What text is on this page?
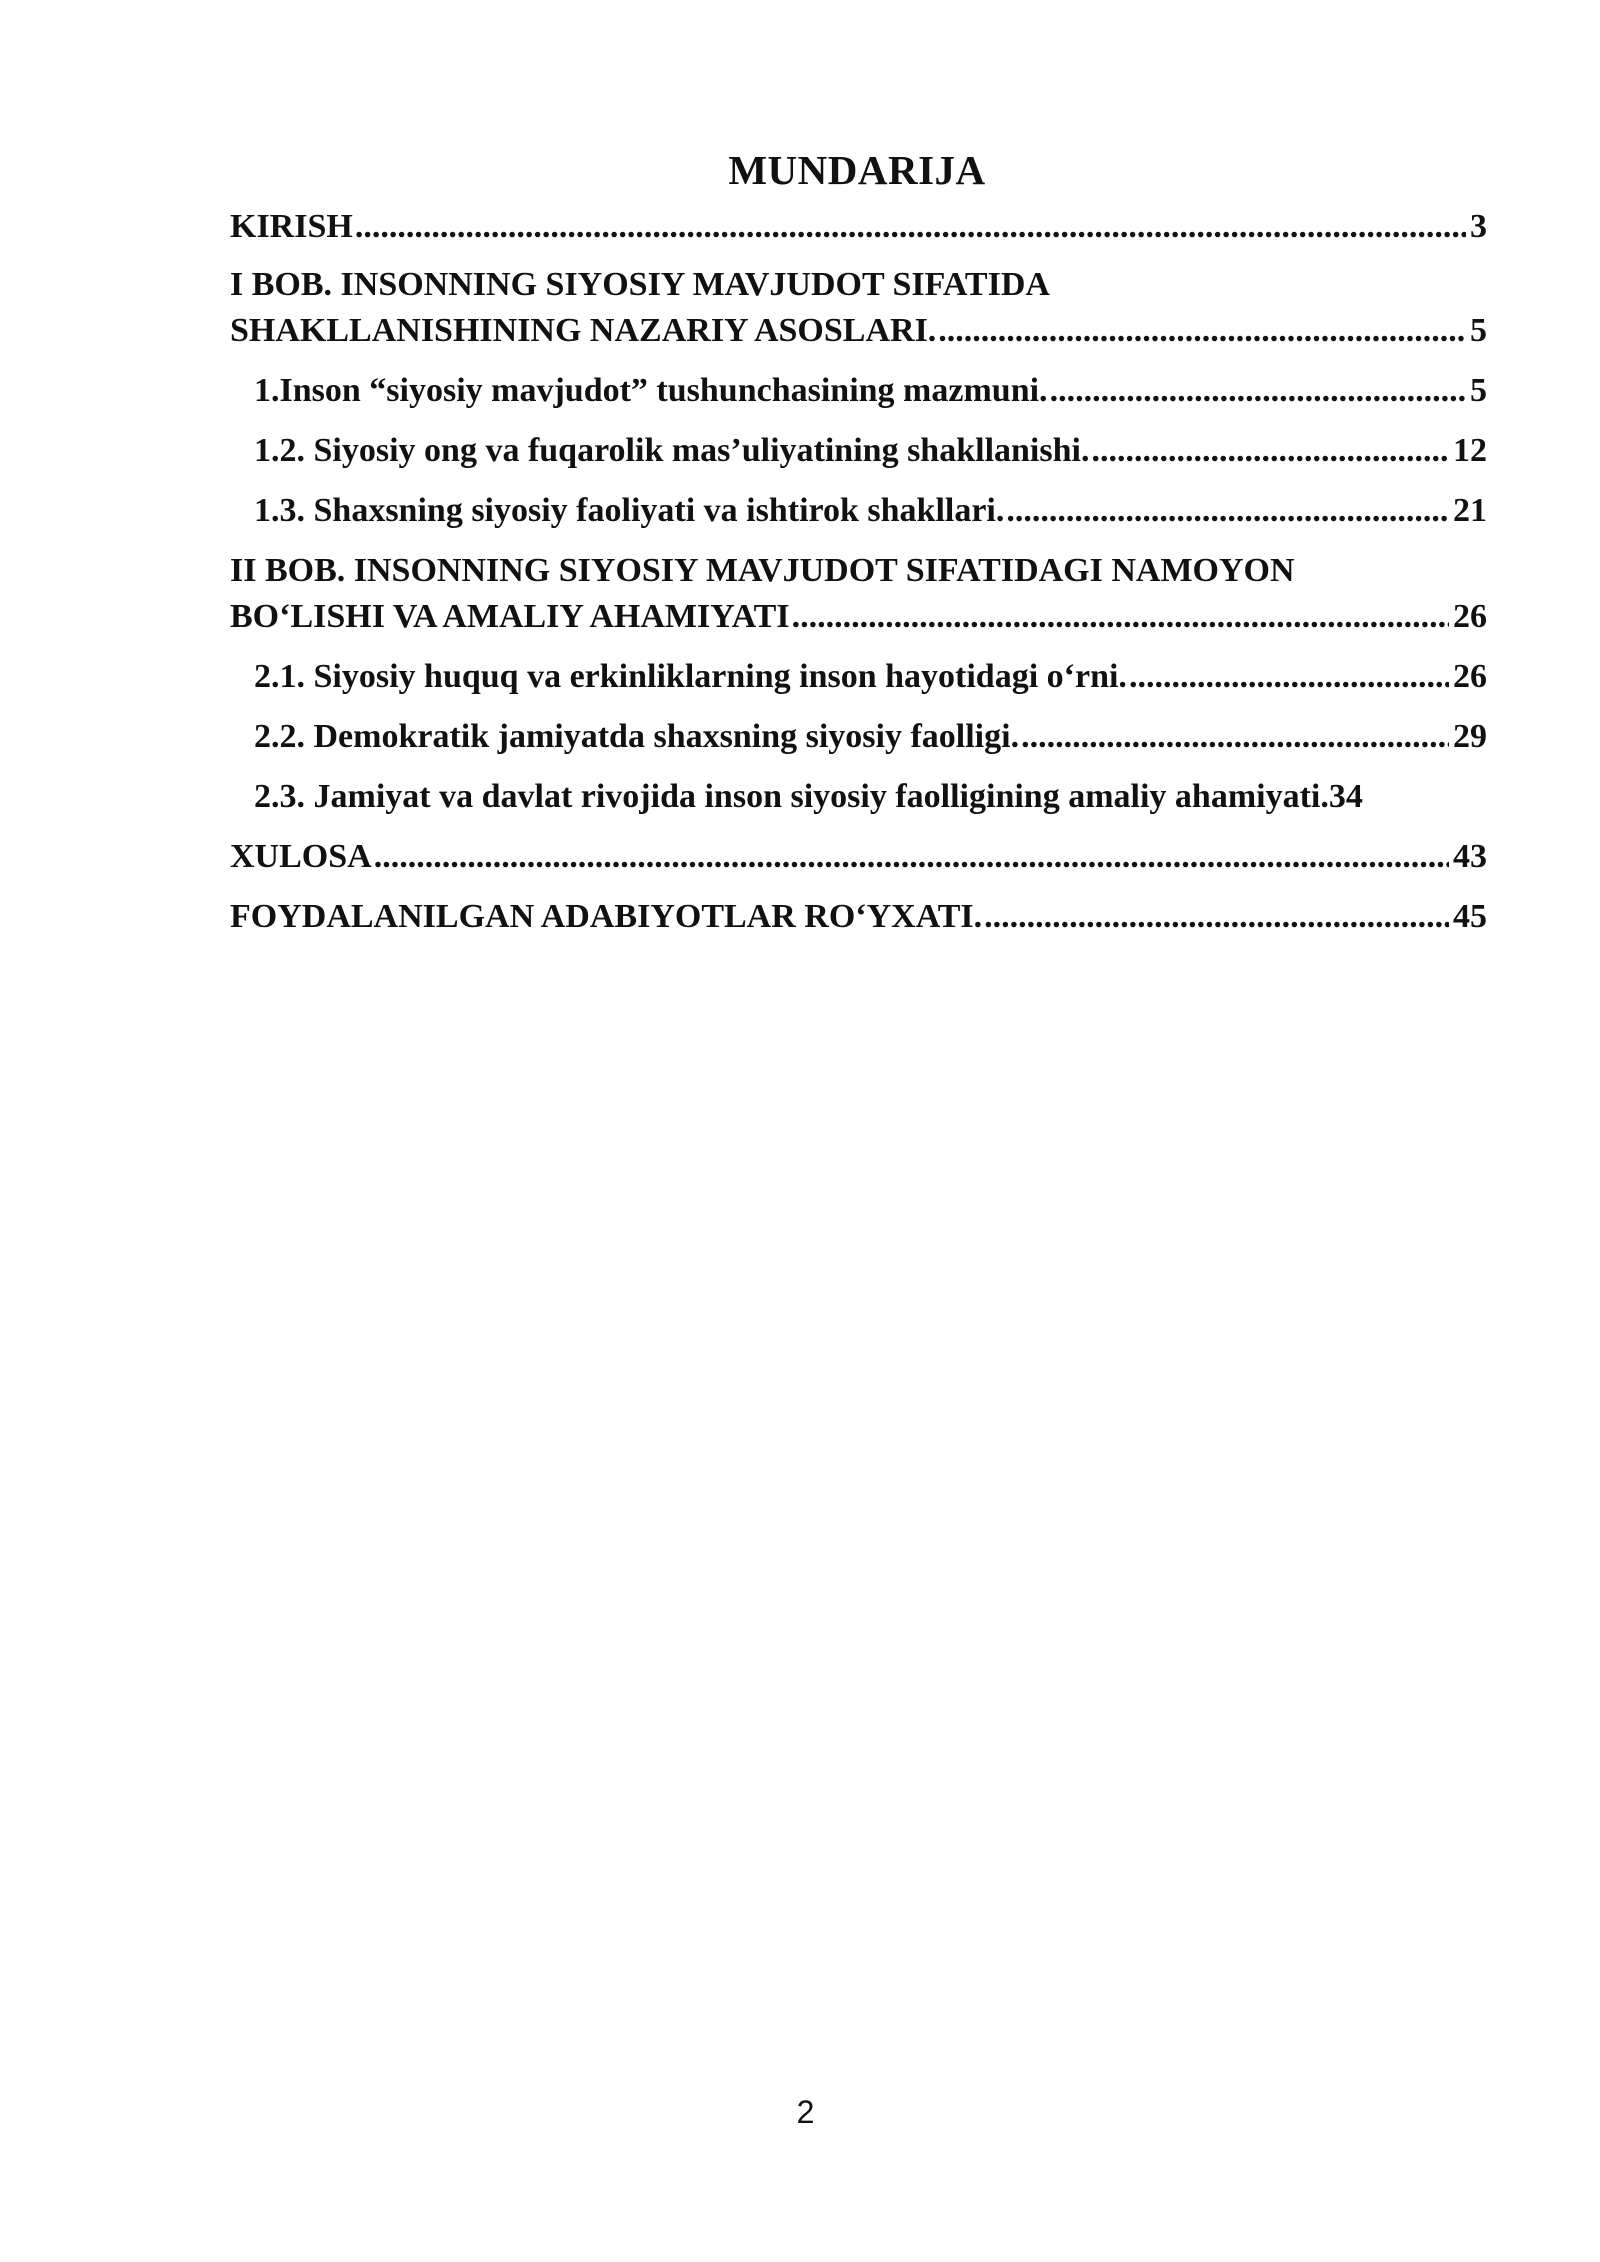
MUNDARIJA
KIRISH .....	3
I BOB. INSONNING SIYOSIY MAVJUDOT SIFATIDA
SHAKLLANISHINING NAZARIY ASOSLARI. .....	5
1.Inson “siyosiy mavjudot” tushunchasining mazmuni. .....	5
1.2. Siyosiy ong va fuqarolik mas’uliyatining shakllanishi. .....	12
1.3. Shaxsning siyosiy faoliyati va ishtirok shakllari. .....	21
II BOB. INSONNING SIYOSIY MAVJUDOT SIFATIDAGI NAMOYON
BO‘LISHI VA AMALIY AHAMIYATI .....	26
2.1. Siyosiy huquq va erkinliklarning inson hayotidagi o‘rni. .....	26
2.2. Demokratik jamiyatda shaxsning siyosiy faolligi. .....	29
2.3. Jamiyat va davlat rivojida inson siyosiy faolligining amaliy ahamiyati. 34
XULOSA .....	43
FOYDALANILGAN ADABIYOTLAR RO‘YXATI. .....	45
2
